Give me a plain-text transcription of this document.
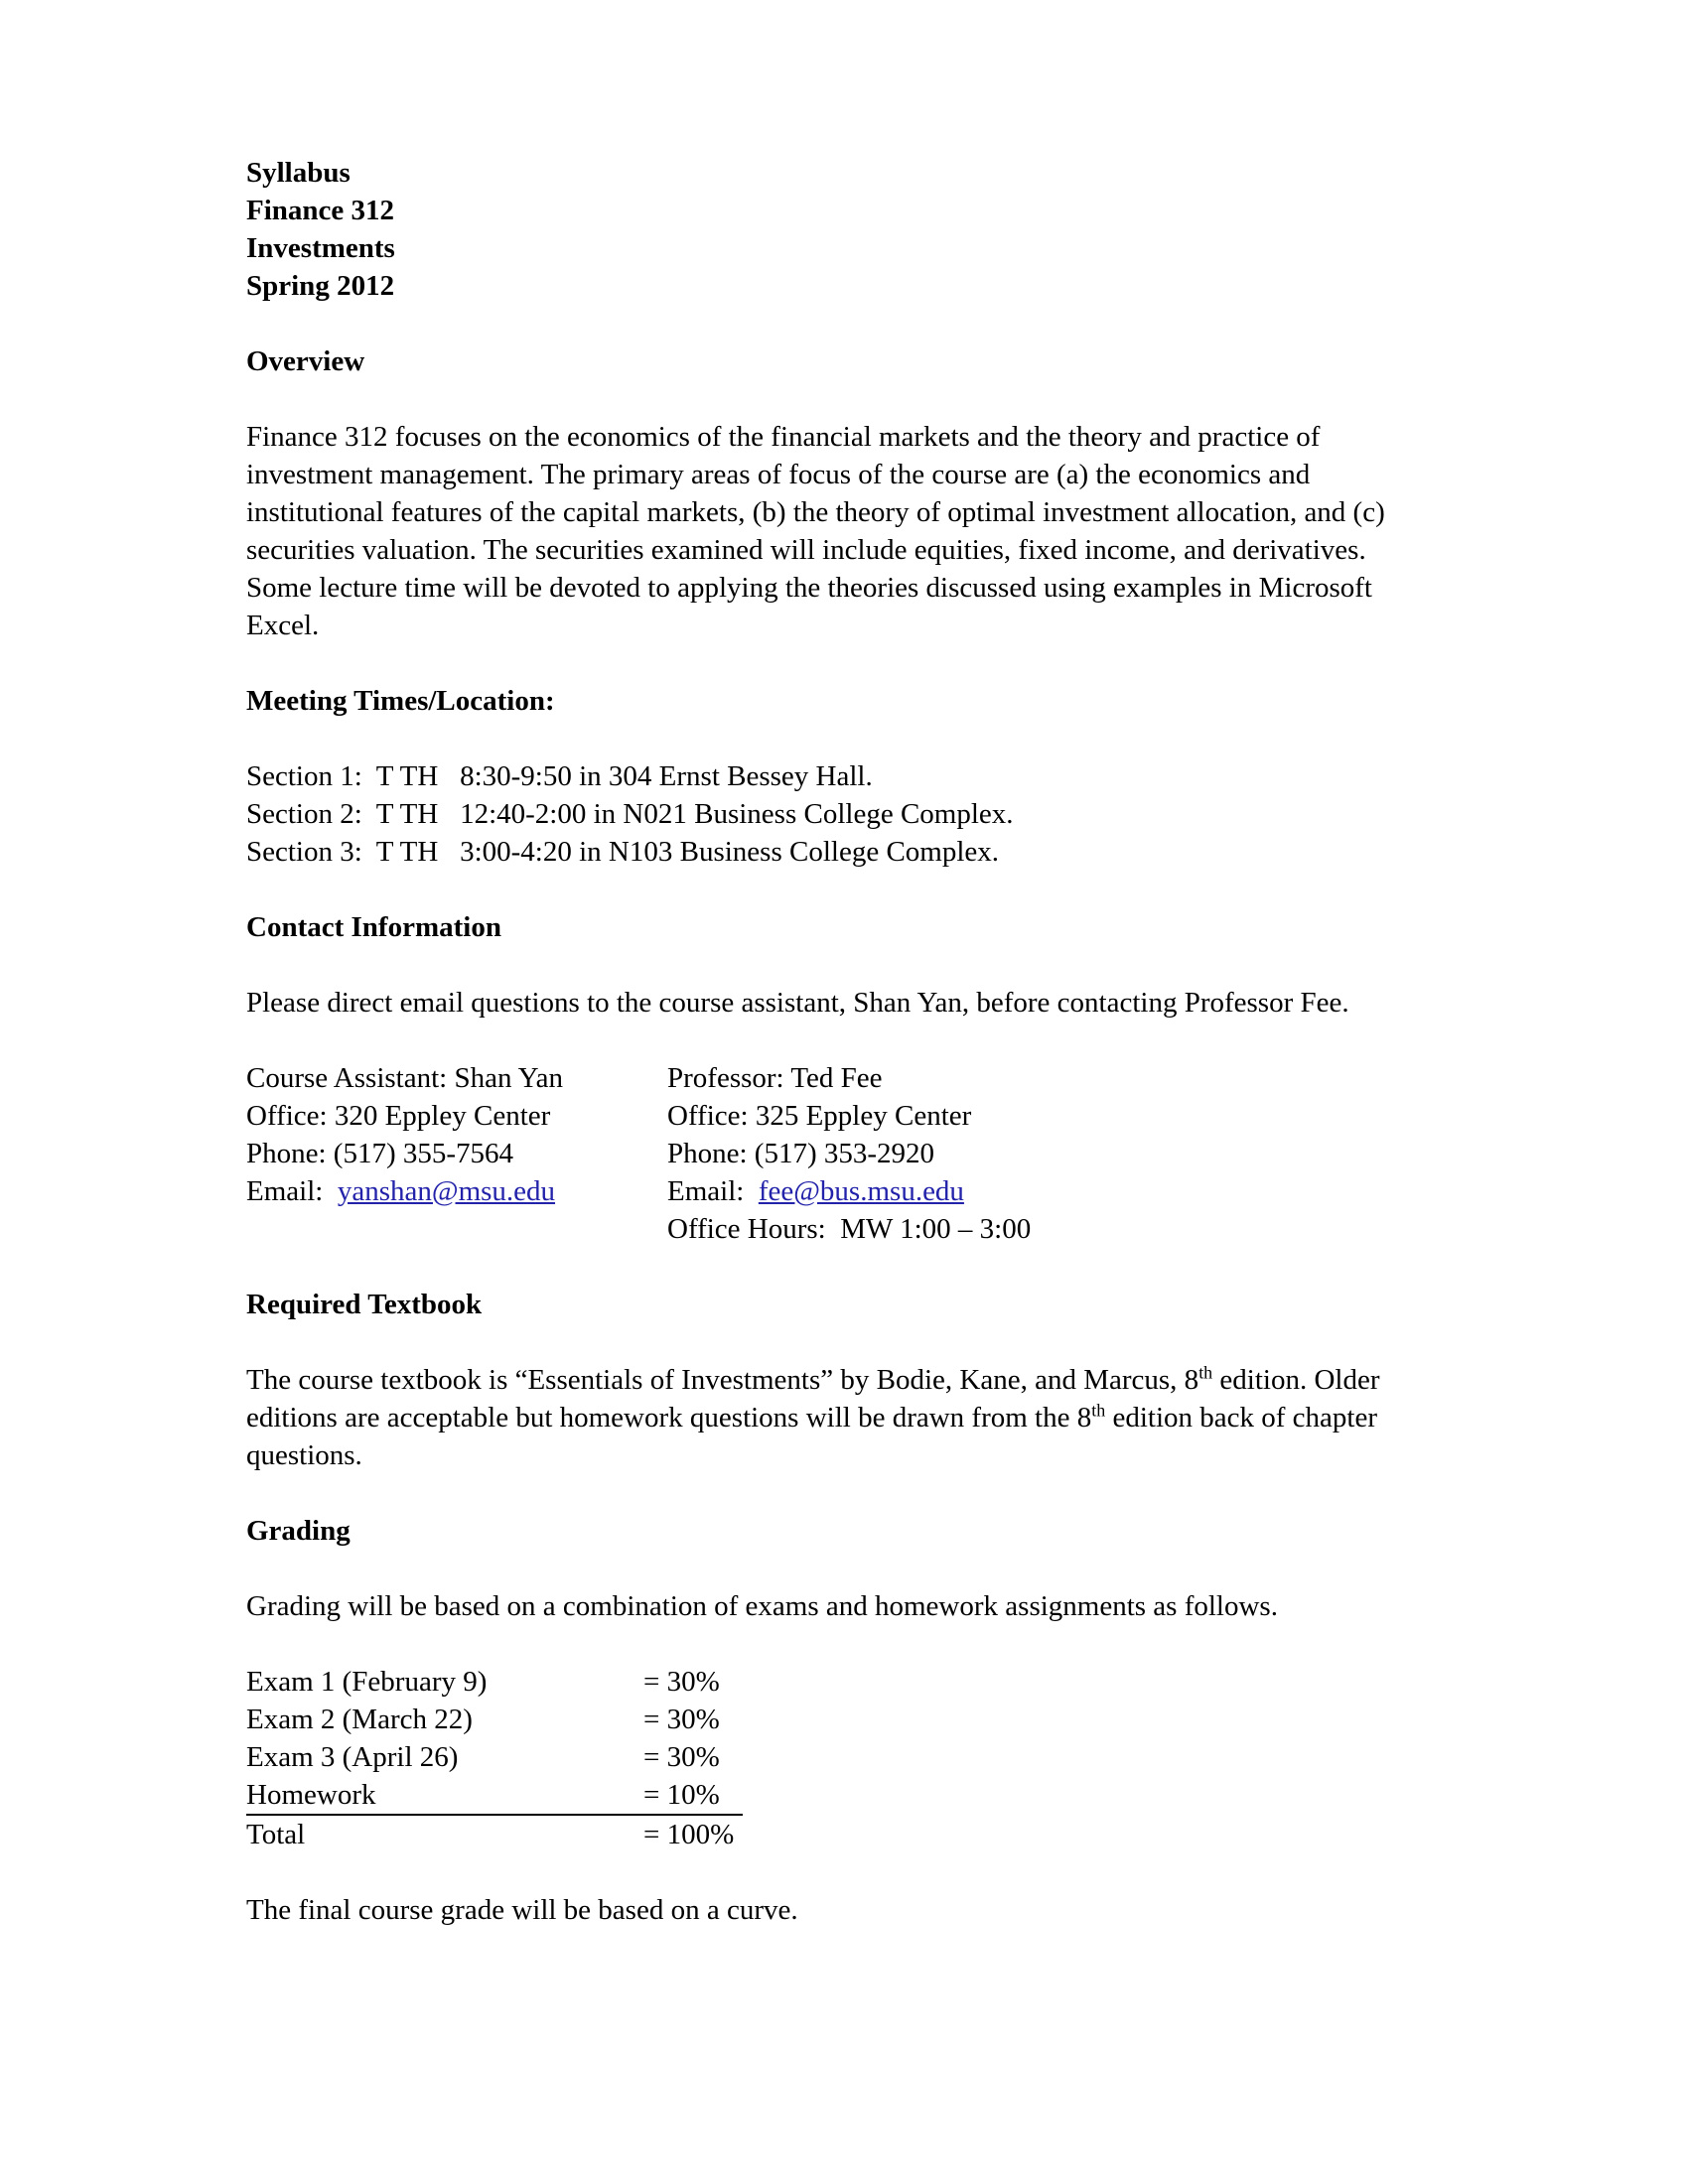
Syllabus
Finance 312
Investments
Spring 2012
Overview

Finance 312 focuses on the economics of the financial markets and the theory and practice of investment management. The primary areas of focus of the course are (a) the economics and institutional features of the capital markets, (b) the theory of optimal investment allocation, and (c) securities valuation. The securities examined will include equities, fixed income, and derivatives. Some lecture time will be devoted to applying the theories discussed using examples in Microsoft Excel.

Meeting Times/Location:
Section 1:  T TH   8:30-9:50 in 304 Ernst Bessey Hall.
Section 2:  T TH   12:40-2:00 in N021 Business College Complex.
Section 3:  T TH   3:00-4:20 in N103 Business College Complex.
Contact Information

Please direct email questions to the course assistant, Shan Yan, before contacting Professor Fee.

Course Assistant: Shan Yan
Office: 320 Eppley Center
Phone: (517) 355-7564
Email:  yanshan@msu.edu
Professor: Ted Fee
Office: 325 Eppley Center
Phone: (517) 353-2920
Email:  fee@bus.msu.edu
Office Hours:  MW 1:00 – 3:00
Required Textbook

The course textbook is “Essentials of Investments” by Bodie, Kane, and Marcus, 8th edition. Older editions are acceptable but homework questions will be drawn from the 8th edition back of chapter questions.

Grading

Grading will be based on a combination of exams and homework assignments as follows.

Exam 1 (February 9)	= 30%
Exam 2 (March 22)	= 30%
Exam 3 (April 26)	= 30%
Homework	= 10%
Total	= 100%

The final course grade will be based on a curve.
